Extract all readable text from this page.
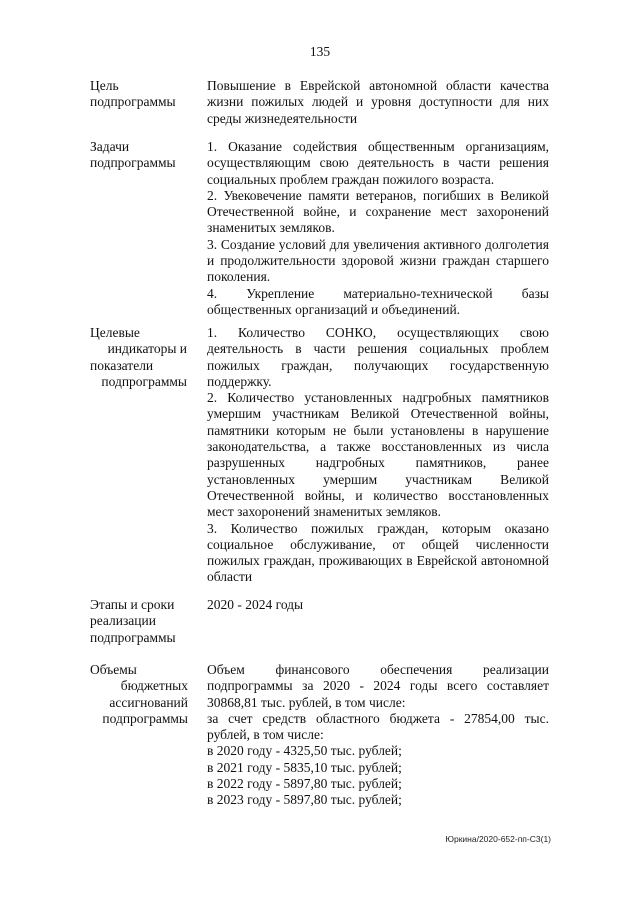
135
Цель
подпрограммы
Повышение в Еврейской автономной области качества жизни пожилых людей и уровня доступности для них среды жизнедеятельности
Задачи
подпрограммы
1. Оказание содействия общественным организациям, осуществляющим свою деятельность в части решения социальных проблем граждан пожилого возраста.
2. Увековечение памяти ветеранов, погибших в Великой Отечественной войне, и сохранение мест захоронений знаменитых земляков.
3. Создание условий для увеличения активного долголетия и продолжительности здоровой жизни граждан старшего поколения.
4. Укрепление материально-технической базы общественных организаций и объединений.
Целевые
индикаторы и
показатели
подпрограммы
1. Количество СОНКО, осуществляющих свою деятельность в части решения социальных проблем пожилых граждан, получающих государственную поддержку.
2. Количество установленных надгробных памятников умершим участникам Великой Отечественной войны, памятники которым не были установлены в нарушение законодательства, а также восстановленных из числа разрушенных надгробных памятников, ранее установленных умершим участникам Великой Отечественной войны, и количество восстановленных мест захоронений знаменитых земляков.
3. Количество пожилых граждан, которым оказано социальное обслуживание, от общей численности пожилых граждан, проживающих в Еврейской автономной области
Этапы и сроки
реализации
подпрограммы
2020 - 2024 годы
Объемы
бюджетных
ассигнований
подпрограммы
Объем финансового обеспечения реализации подпрограммы за 2020 - 2024 годы всего составляет 30868,81 тыс. рублей, в том числе:
за счет средств областного бюджета - 27854,00 тыс. рублей, в том числе:
в 2020 году - 4325,50 тыс. рублей;
в 2021 году - 5835,10 тыс. рублей;
в 2022 году - 5897,80 тыс. рублей;
в 2023 году - 5897,80 тыс. рублей;
Юркина/2020-652-пп-С3(1)
